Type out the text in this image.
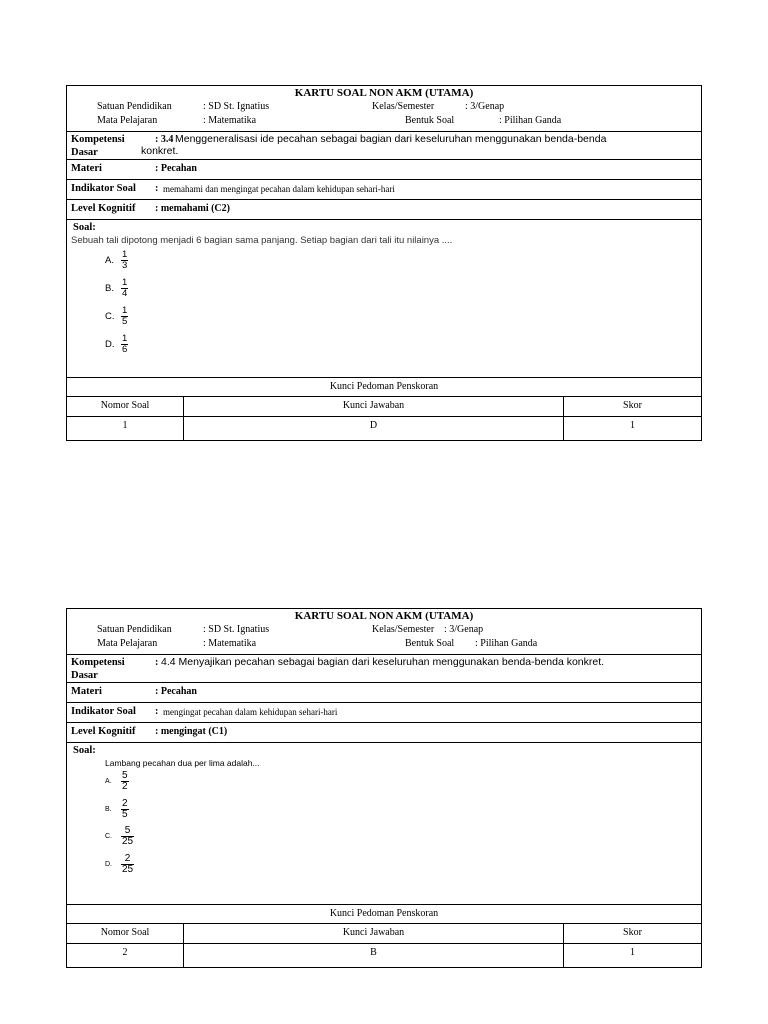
KARTU SOAL NON AKM (UTAMA)
Satuan Pendidikan	: SD St. Ignatius	Kelas/Semester	: 3/Genap
Mata Pelajaran	: Matematika	Bentuk Soal	: Pilihan Ganda
Kompetensi
Dasar
: 3.4 Menggeneralisasi ide pecahan sebagai bagian dari keseluruhan menggunakan benda-benda
konkret.
Materi	: Pecahan
Indikator Soal : memahami dan mengingat pecahan dalam kehidupan sehari-hari
Level Kognitif : memahami (C2)
Soal:
Sebuah tali dipotong menjadi 6 bagian sama panjang. Setiap bagian dari tali itu nilainya ....
A. $\frac{1}{3}$
B. $\frac{1}{4}$
C. $\frac{1}{5}$
D. $\frac{1}{6}$
Kunci Pedoman Penskoran
Nomor Soal	Kunci Jawaban	Skor
1	D	1
KARTU SOAL NON AKM (UTAMA)
Satuan Pendidikan	: SD St. Ignatius	Kelas/Semester : 3/Genap
Mata Pelajaran	: Matematika	Bentuk Soal : Pilihan Ganda
Kompetensi
Dasar
: 4.4 Menyajikan pecahan sebagai bagian dari keseluruhan menggunakan benda-benda konkret.
Materi	: Pecahan
Indikator Soal : mengingat pecahan dalam kehidupan sehari-hari
Level Kognitif : mengingat (C1)
Soal:
Lambang pecahan dua per lima adalah...
A. $\frac{5}{2}$
B. $\frac{2}{5}$
C. $\frac{5}{25}$
D. $\frac{2}{25}$
Kunci Pedoman Penskoran
Nomor Soal	Kunci Jawaban	Skor
2	B	1
